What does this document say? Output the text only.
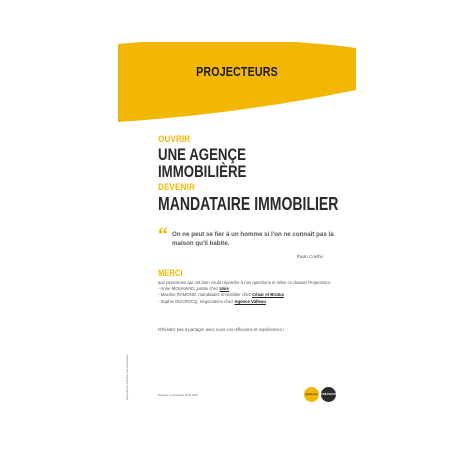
PROJECTEURS
OUVRIR
UNE AGENÇE
IMMOBILIÈRE
DEVENIR
MANDATAIRE IMMOBILIER
“ On ne peut se fier à un homme si l'on ne connaît pas la maison qu'il habite.
Paulo Coelho
MERCI
aux personnes qui ont bien voulu répondre à nos questions et relire ce dossier Projecteurs :
- Anne MOUAWAD, juriste chez Unis
- Maxime RAMOND, mandataire immobilier chez César et Brutus
- Sophie DUCROCQ, négociatrice chez Agence Valleau
N'hésitez pas à partager avec nous vos réflexions et expériences !
Reproduction interdite sans autorisation	Révisée & actualisée MAR 2025	aptiosoo CRÉATEUR
